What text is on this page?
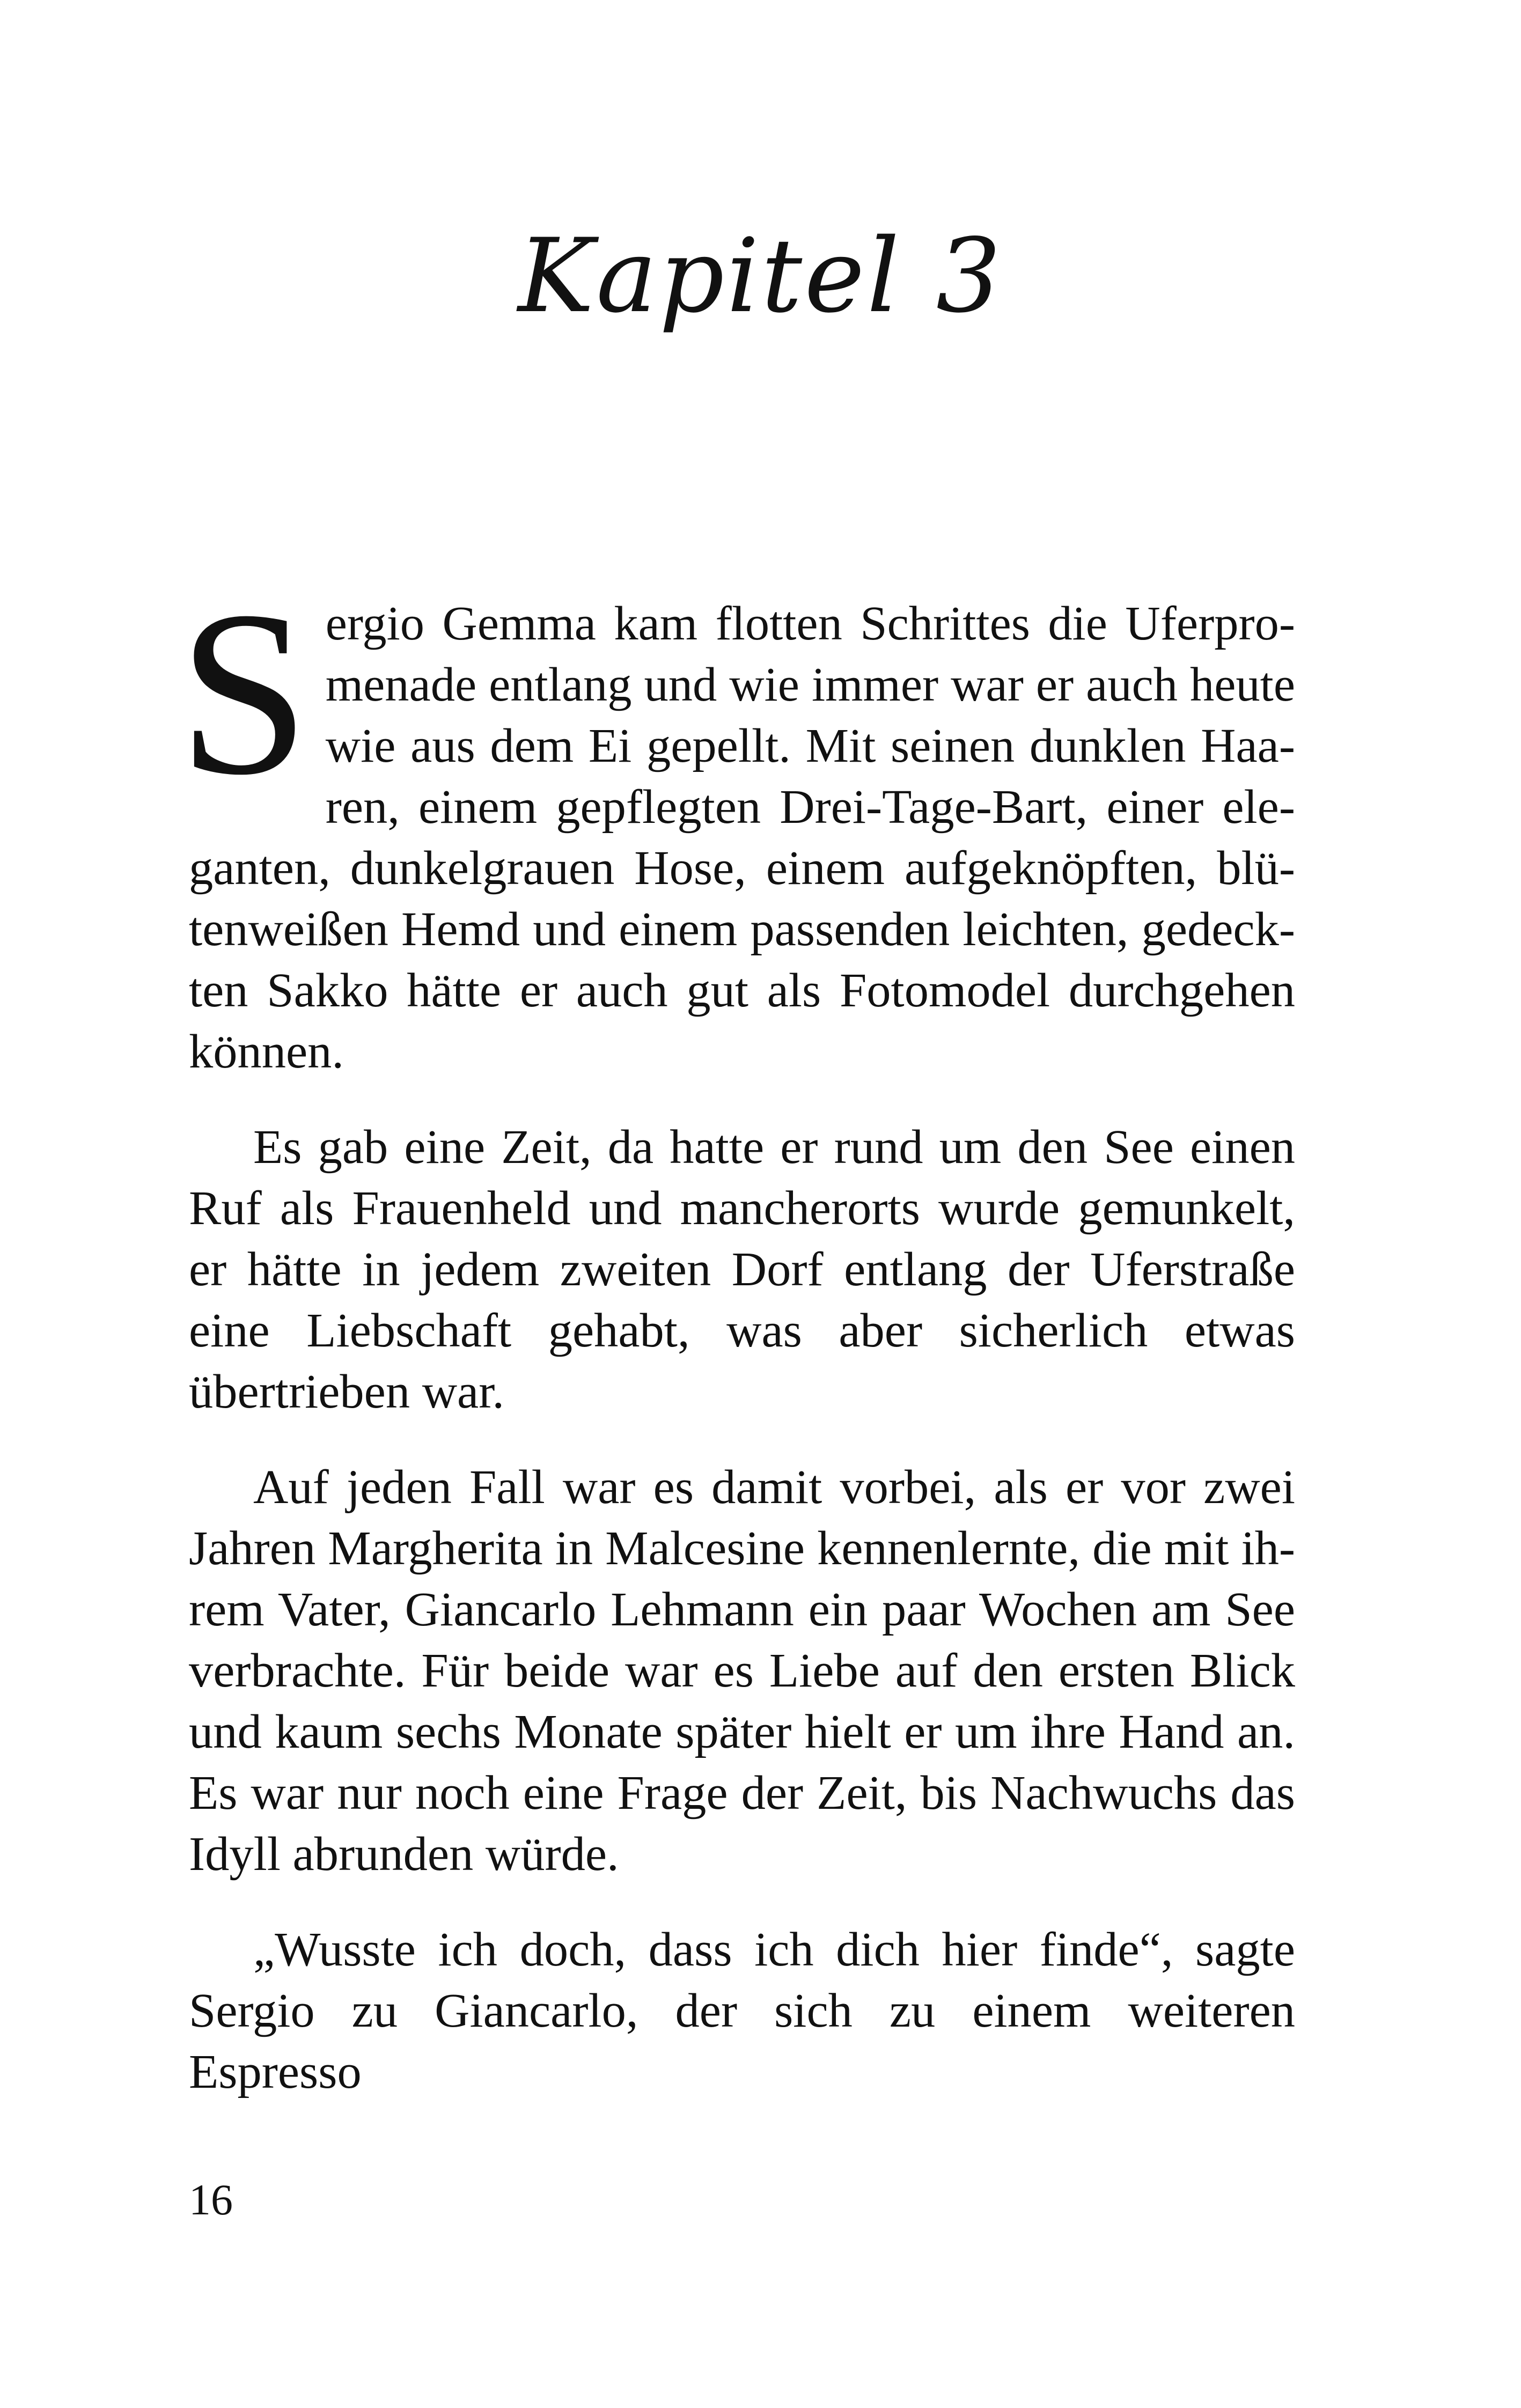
Kapitel 3

Sergio Gemma kam flotten Schrittes die Uferpromenade entlang und wie immer war er auch heute wie aus dem Ei gepellt. Mit seinen dunklen Haaren, einem gepflegten Drei-Tage-Bart, einer eleganten, dunkelgrauen Hose, einem aufgeknöpften, blütenweißen Hemd und einem passenden leichten, gedeckten Sakko hätte er auch gut als Fotomodel durchgehen können.

Es gab eine Zeit, da hatte er rund um den See einen Ruf als Frauenheld und mancherorts wurde gemunkelt, er hätte in jedem zweiten Dorf entlang der Uferstraße eine Liebschaft gehabt, was aber sicherlich etwas übertrieben war.

Auf jeden Fall war es damit vorbei, als er vor zwei Jahren Margherita in Malcesine kennenlernte, die mit ihrem Vater, Giancarlo Lehmann ein paar Wochen am See verbrachte. Für beide war es Liebe auf den ersten Blick und kaum sechs Monate später hielt er um ihre Hand an. Es war nur noch eine Frage der Zeit, bis Nachwuchs das Idyll abrunden würde.

„Wusste ich doch, dass ich dich hier finde“, sagte Sergio zu Giancarlo, der sich zu einem weiteren Espresso

16
